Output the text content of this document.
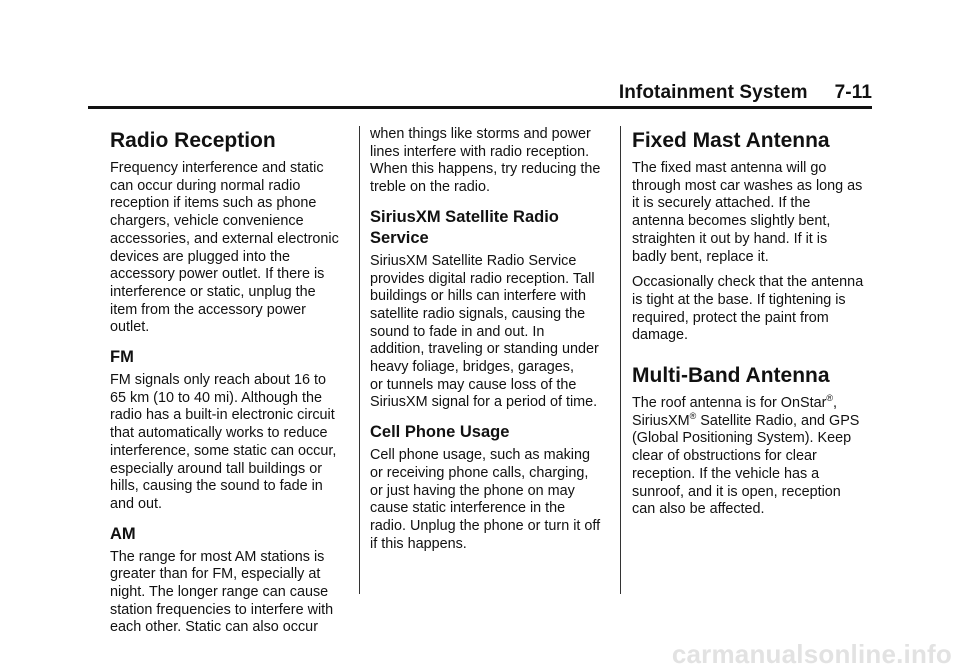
Infotainment System 7-11
Radio Reception

Frequency interference and static
can occur during normal radio
reception if items such as phone
chargers, vehicle convenience
accessories, and external electronic
devices are plugged into the
accessory power outlet. If there is
interference or static, unplug the
item from the accessory power
outlet.

FM

FM signals only reach about 16 to
65 km (10 to 40 mi). Although the
radio has a built-in electronic circuit
that automatically works to reduce
interference, some static can occur,
especially around tall buildings or
hills, causing the sound to fade in
and out.

AM

The range for most AM stations is
greater than for FM, especially at
night. The longer range can cause
station frequencies to interfere with
each other. Static can also occur

when things like storms and power
lines interfere with radio reception.
When this happens, try reducing the
treble on the radio.

SiriusXM Satellite Radio
Service

SiriusXM Satellite Radio Service
provides digital radio reception. Tall
buildings or hills can interfere with
satellite radio signals, causing the
sound to fade in and out. In
addition, traveling or standing under
heavy foliage, bridges, garages,
or tunnels may cause loss of the
SiriusXM signal for a period of time.

Cell Phone Usage

Cell phone usage, such as making
or receiving phone calls, charging,
or just having the phone on may
cause static interference in the
radio. Unplug the phone or turn it off
if this happens.

Fixed Mast Antenna

The fixed mast antenna will go
through most car washes as long as
it is securely attached. If the
antenna becomes slightly bent,
straighten it out by hand. If it is
badly bent, replace it.

Occasionally check that the antenna
is tight at the base. If tightening is
required, protect the paint from
damage.

Multi-Band Antenna

The roof antenna is for OnStar®,
SiriusXM® Satellite Radio, and GPS
(Global Positioning System). Keep
clear of obstructions for clear
reception. If the vehicle has a
sunroof, and it is open, reception
can also be affected.

carmanualsonline.info
